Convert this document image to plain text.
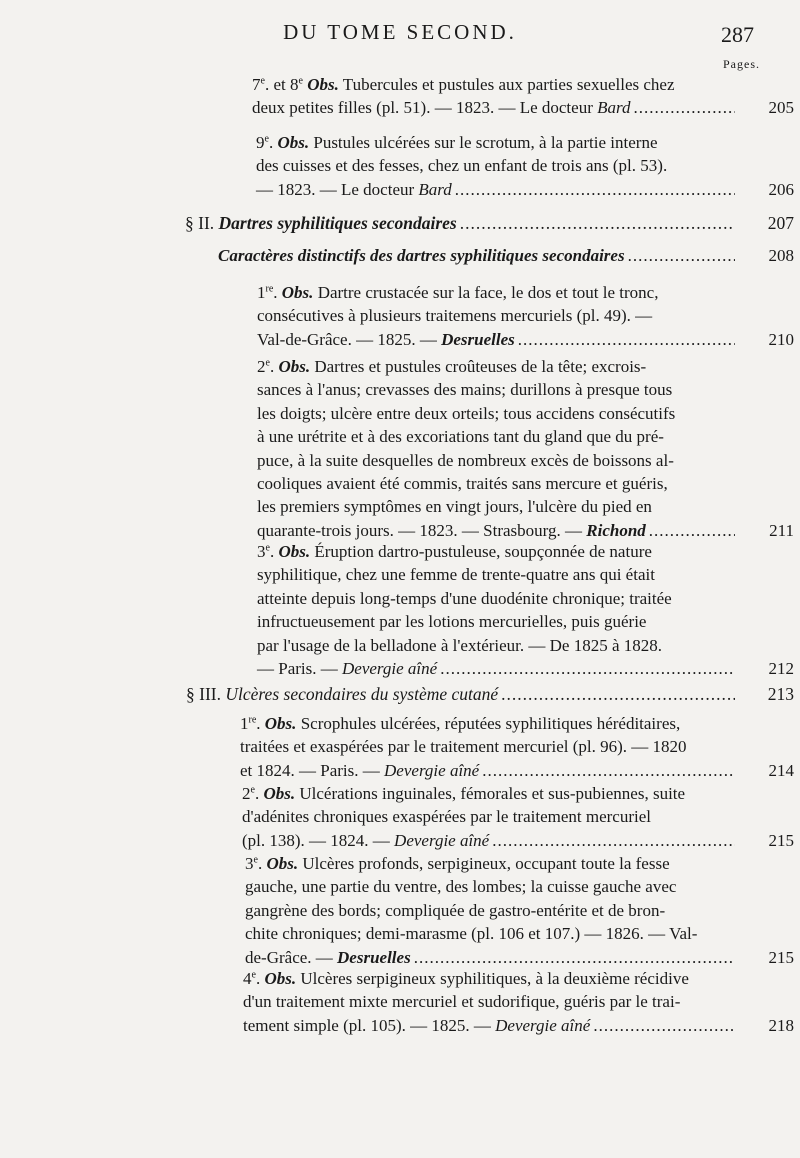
DU TOME SECOND.	287
Pages.
7e. et 8e Obs. Tubercules et pustules aux parties sexuelles chez
deux petites filles (pl. 51). — 1823. — Le docteur Bard .....	205
9e. Obs. Pustules ulcérées sur le scrotum, à la partie interne
des cuisses et des fesses, chez un enfant de trois ans (pl. 53).
— 1823. — Le docteur Bard .....	206
§ II. Dartres syphilitiques secondaires .....	207
Caractères distinctifs des dartres syphilitiques secondaires .....	208
1re. Obs. Dartre crustacée sur la face, le dos et tout le tronc,
consécutives à plusieurs traitemens mercuriels (pl. 49). —
Val-de-Grâce. — 1825. — Desruelles .....	210
2e. Obs. Dartres et pustules croûteuses de la tête; excrois-
sances à l'anus; crevasses des mains; durillons à presque tous
les doigts; ulcère entre deux orteils; tous accidens consécutifs
à une urétrite et à des excoriations tant du gland que du pré-
puce, à la suite desquelles de nombreux excès de boissons al-
cooliques avaient été commis, traités sans mercure et guéris,
les premiers symptômes en vingt jours, l'ulcère du pied en
quarante-trois jours. — 1823. — Strasbourg. — Richond .....	211
3e. Obs. Éruption dartro-pustuleuse, soupçonnée de nature
syphilitique, chez une femme de trente-quatre ans qui était
atteinte depuis long-temps d'une duodénite chronique; traitée
infructueusement par les lotions mercurielles, puis guérie
par l'usage de la belladone à l'extérieur. — De 1825 à 1828.
— Paris. — Devergie aîné .....	212
§ III. Ulcères secondaires du système cutané .....	213
1re. Obs. Scrophules ulcérées, réputées syphilitiques héréditaires,
traitées et exaspérées par le traitement mercuriel (pl. 96). — 1820
et 1824. — Paris. — Devergie aîné .....	214
2e. Obs. Ulcérations inguinales, fémorales et sus-pubiennes, suite
d'adénites chroniques exaspérées par le traitement mercuriel
(pl. 138). — 1824. — Devergie aîné .....	215
3e. Obs. Ulcères profonds, serpigineux, occupant toute la fesse
gauche, une partie du ventre, des lombes; la cuisse gauche avec
gangrène des bords; compliquée de gastro-entérite et de bron-
chite chroniques; demi-marasme (pl. 106 et 107.) — 1826. — Val-
de-Grâce. — Desruelles .....	215
4e. Obs. Ulcères serpigineux syphilitiques, à la deuxième récidive
d'un traitement mixte mercuriel et sudorifique, guéris par le trai-
tement simple (pl. 105). — 1825. — Devergie aîné .....	218
